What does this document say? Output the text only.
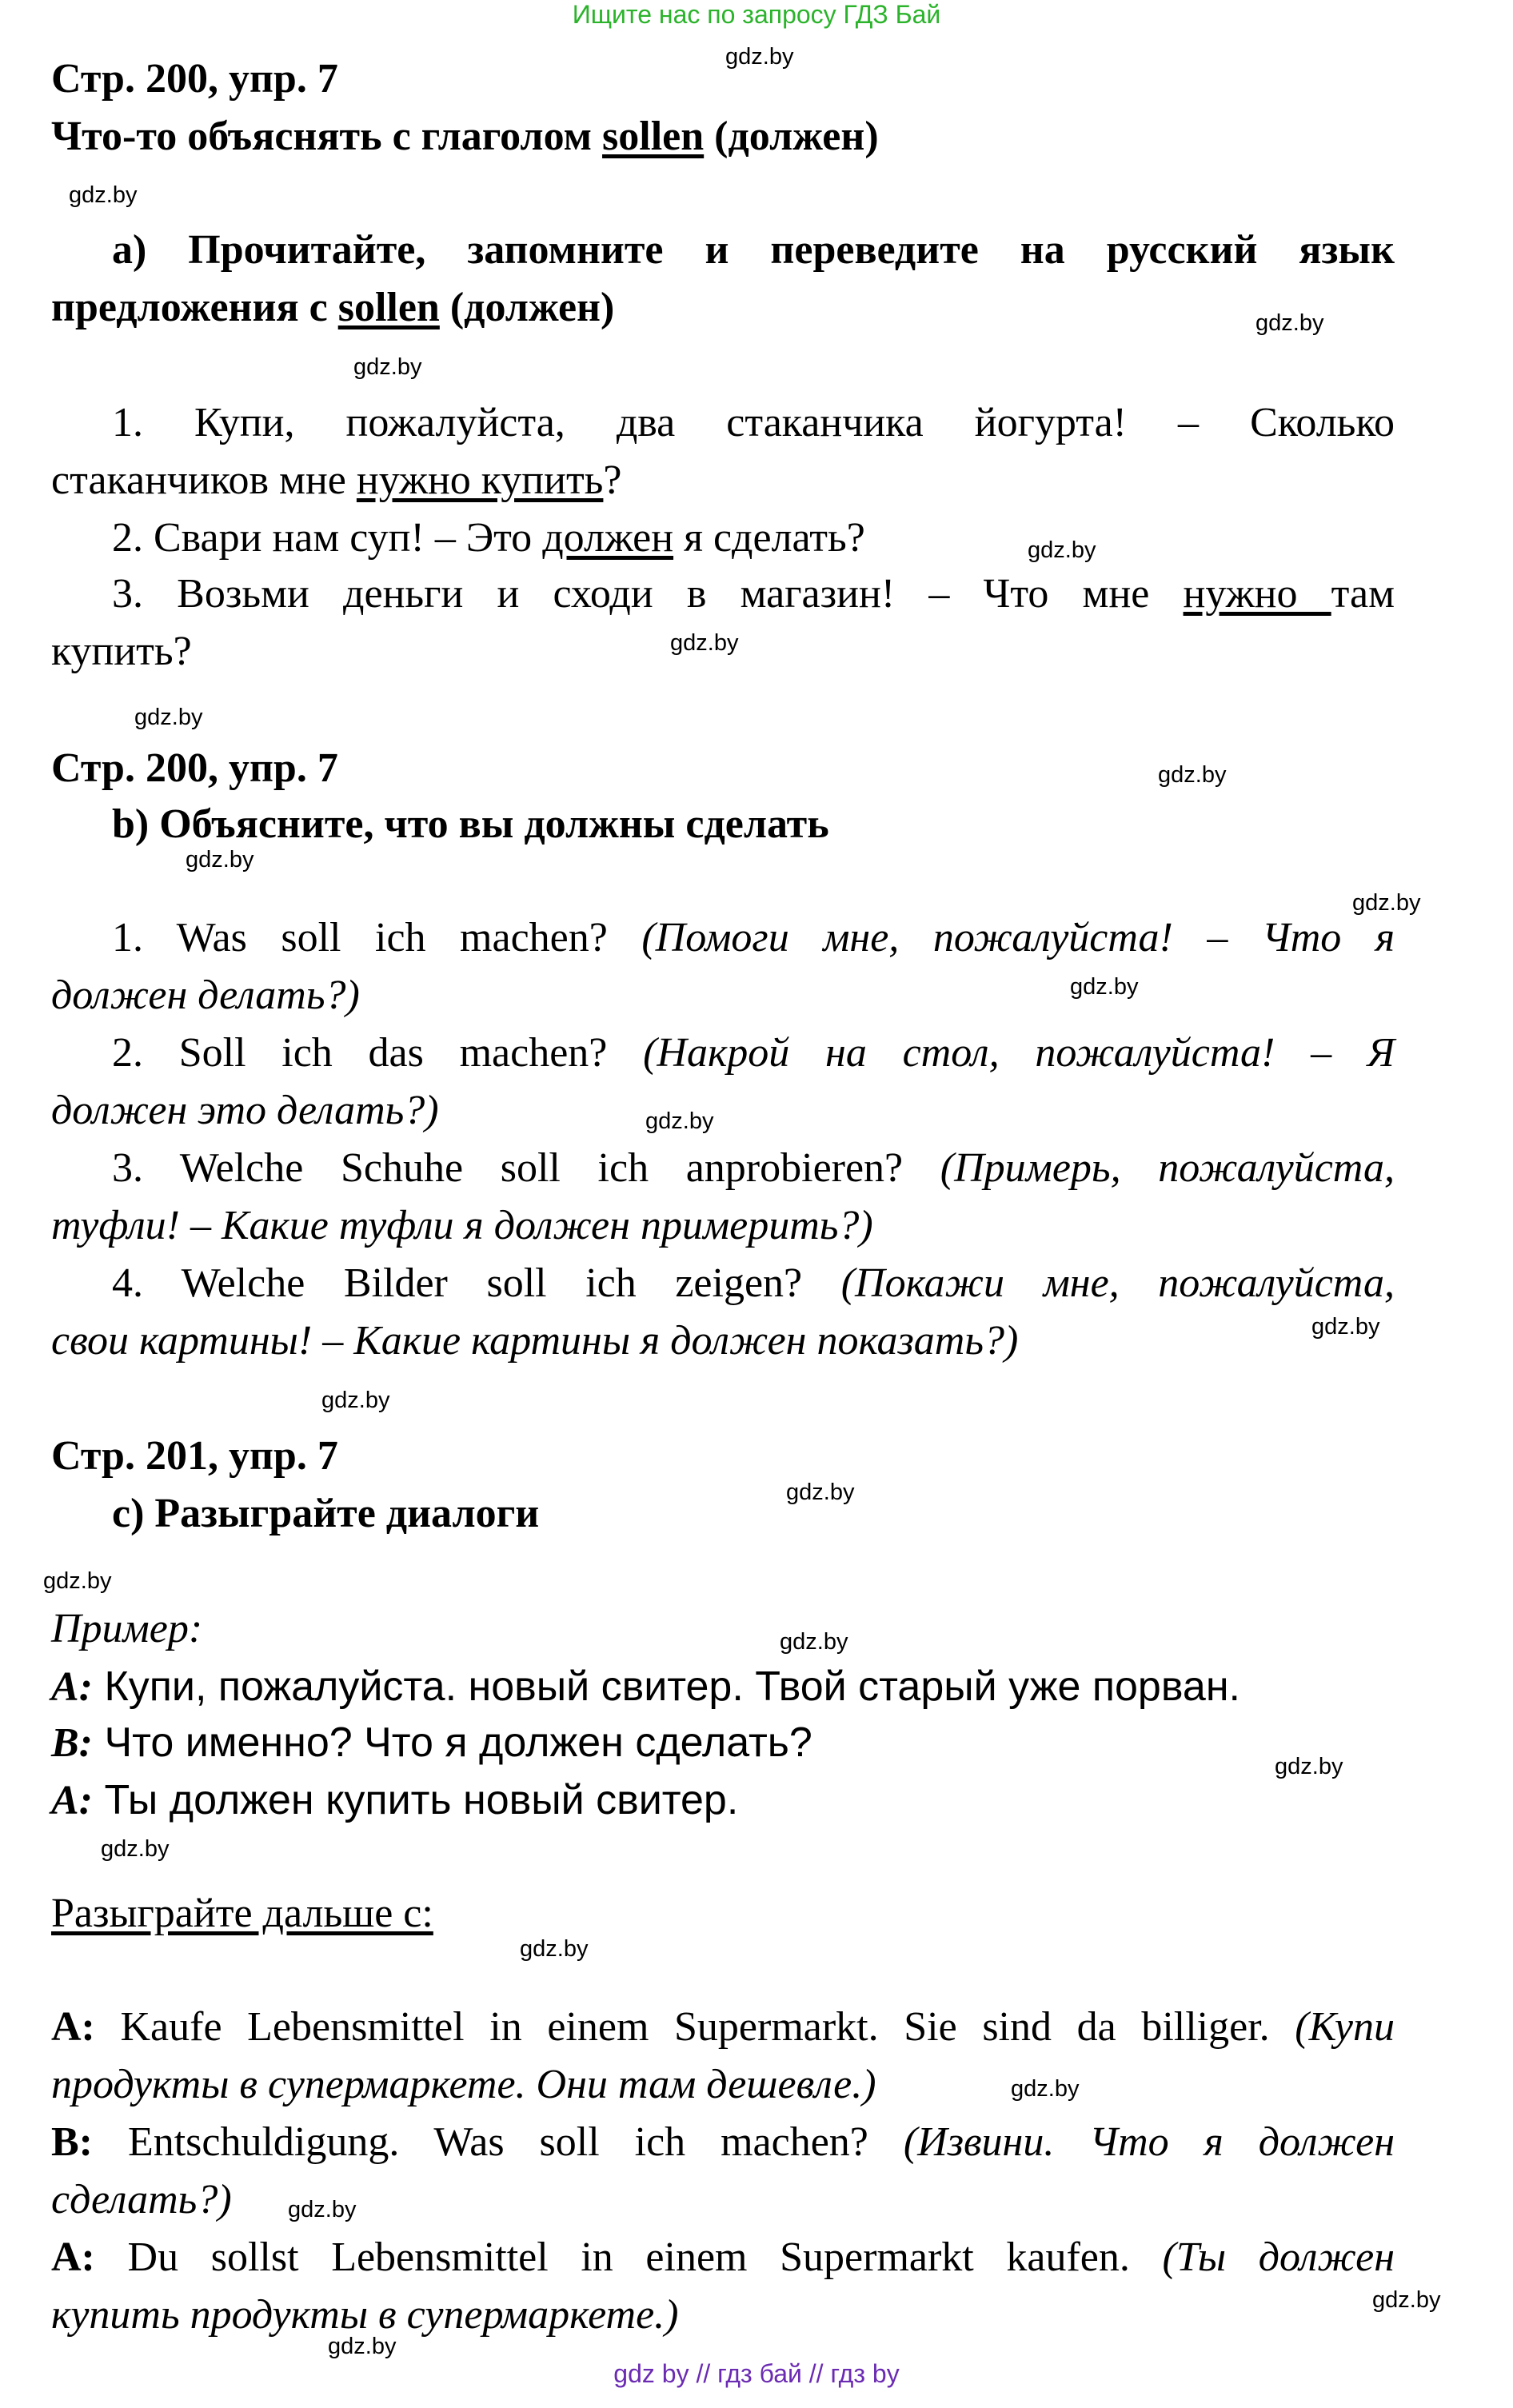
Ищите нас по запросу ГДЗ Бай
gdz.by
gdz.by
gdz.by
gdz.by
gdz.by
gdz.by
gdz.by
gdz.by
gdz.by
gdz.by
gdz.by
gdz.by
gdz.by
gdz.by
gdz.by
gdz.by
gdz.by
gdz.by
gdz.by
gdz.by
gdz.by
gdz.by
gdz.by
gdz.by
Стр. 200, упр. 7
Что-то объяснять с глаголом sollen (должен)
a) Прочитайте, запомните и переведите на русский язык
предложения с sollen (должен)
1. Купи, пожалуйста, два стаканчика йогурта! – Сколько
стаканчиков мне нужно купить?
2. Свари нам суп! – Это должен я сделать?
3. Возьми деньги и сходи в магазин! – Что мне нужно там
купить?
Стр. 200, упр. 7
b) Объясните, что вы должны сделать
1. Was soll ich machen? (Помоги мне, пожалуйста! – Что я
должен делать?)
2. Soll ich das machen? (Накрой на стол, пожалуйста! – Я
должен это делать?)
3. Welche Schuhe soll ich anprobieren? (Примерь, пожалуйста,
туфли! – Какие туфли я должен примерить?)
4. Welche Bilder soll ich zeigen? (Покажи мне, пожалуйста,
свои картины! – Какие картины я должен показать?)
Стр. 201, упр. 7
c) Разыграйте диалоги
Пример:
A: Купи, пожалуйста. новый свитер. Твой старый уже порван.
B: Что именно? Что я должен сделать?
A: Ты должен купить новый свитер.
Разыграйте дальше с:
A: Kaufe Lebensmittel in einem Supermarkt. Sie sind da billiger. (Купи
продукты в супермаркете. Они там дешевле.)
B: Entschuldigung. Was soll ich machen? (Извини. Что я должен
сделать?)
A: Du sollst Lebensmittel in einem Supermarkt kaufen. (Ты должен
купить продукты в супермаркете.)
gdz by // гдз бай // гдз by
